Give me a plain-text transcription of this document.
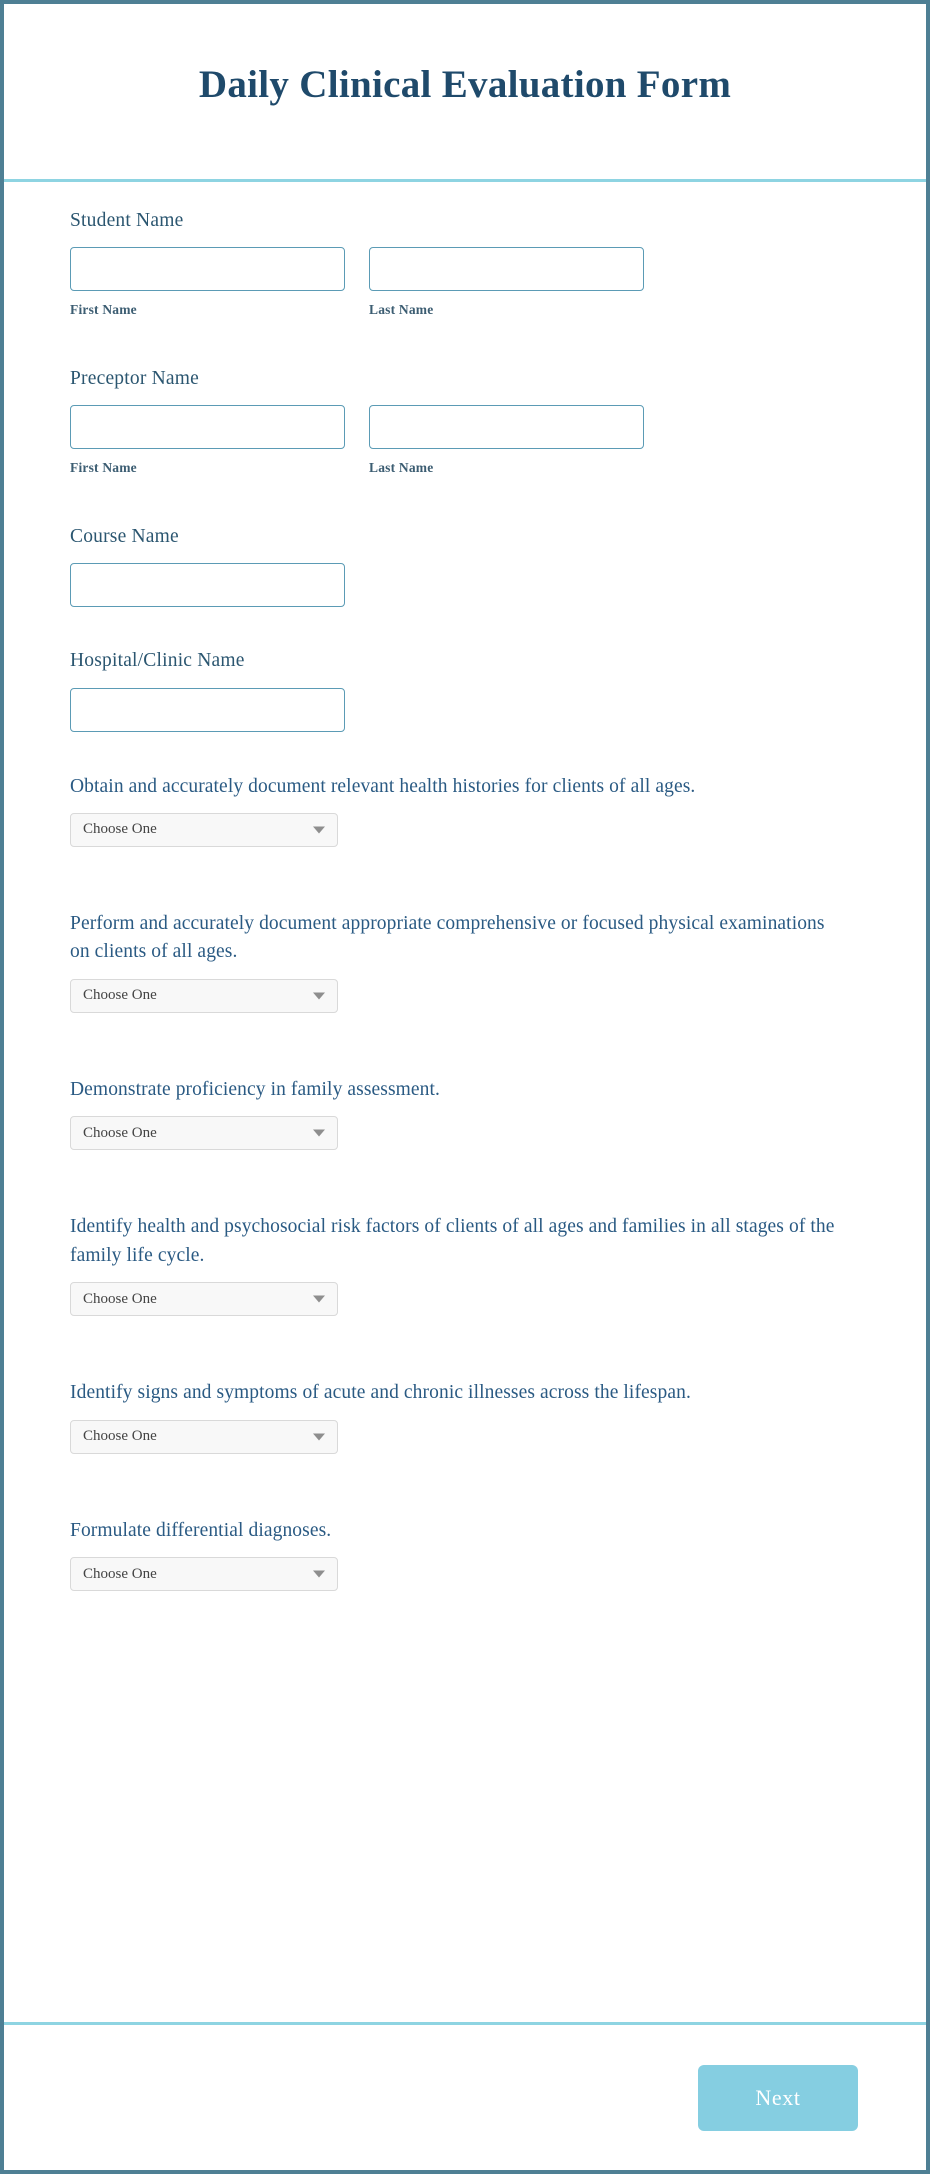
Daily Clinical Evaluation Form
Student Name
First Name	Last Name
Preceptor Name
First Name	Last Name
Course Name
Hospital/Clinic Name
Obtain and accurately document relevant health histories for clients of all ages.
Choose One
Perform and accurately document appropriate comprehensive or focused physical examinations on clients of all ages.
Choose One
Demonstrate proficiency in family assessment.
Choose One
Identify health and psychosocial risk factors of clients of all ages and families in all stages of the family life cycle.
Choose One
Identify signs and symptoms of acute and chronic illnesses across the lifespan.
Choose One
Formulate differential diagnoses.
Choose One
Next
